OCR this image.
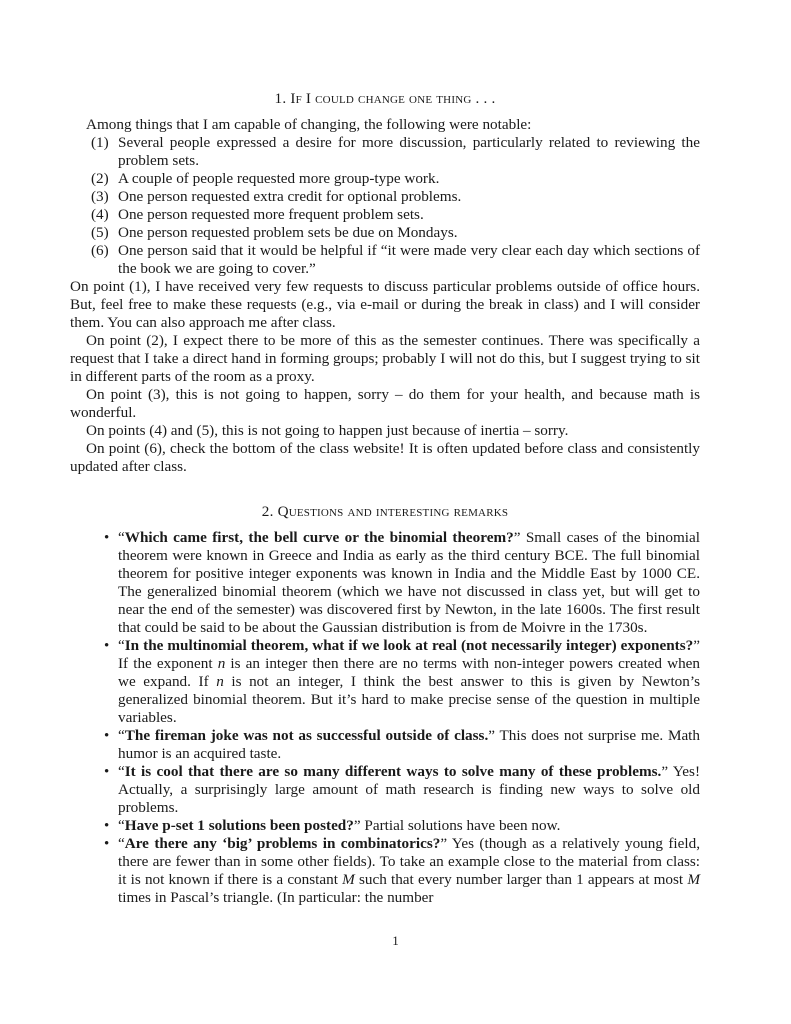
1. If I could change one thing . . .

Among things that I am capable of changing, the following were notable:

(1) Several people expressed a desire for more discussion, particularly related to reviewing the problem sets.
(2) A couple of people requested more group-type work.
(3) One person requested extra credit for optional problems.
(4) One person requested more frequent problem sets.
(5) One person requested problem sets be due on Mondays.
(6) One person said that it would be helpful if “it were made very clear each day which sections of the book we are going to cover.”

On point (1), I have received very few requests to discuss particular problems outside of office hours. But, feel free to make these requests (e.g., via e-mail or during the break in class) and I will consider them. You can also approach me after class.

On point (2), I expect there to be more of this as the semester continues. There was specifically a request that I take a direct hand in forming groups; probably I will not do this, but I suggest trying to sit in different parts of the room as a proxy.

On point (3), this is not going to happen, sorry – do them for your health, and because math is wonderful.

On points (4) and (5), this is not going to happen just because of inertia – sorry.

On point (6), check the bottom of the class website! It is often updated before class and consistently updated after class.

2. Questions and interesting remarks
• “Which came first, the bell curve or the binomial theorem?” Small cases of the binomial theorem were known in Greece and India as early as the third century BCE. The full binomial theorem for positive integer exponents was known in India and the Middle East by 1000 CE. The generalized binomial theorem (which we have not discussed in class yet, but will get to near the end of the semester) was discovered first by Newton, in the late 1600s. The first result that could be said to be about the Gaussian distribution is from de Moivre in the 1730s.
• “In the multinomial theorem, what if we look at real (not necessarily integer) exponents?” If the exponent n is an integer then there are no terms with non-integer powers created when we expand. If n is not an integer, I think the best answer to this is given by Newton’s generalized binomial theorem. But it’s hard to make precise sense of the question in multiple variables.
• “The fireman joke was not as successful outside of class.” This does not surprise me. Math humor is an acquired taste.
• “It is cool that there are so many different ways to solve many of these problems.” Yes! Actually, a surprisingly large amount of math research is finding new ways to solve old problems.
• “Have p-set 1 solutions been posted?” Partial solutions have been now.
• “Are there any ‘big’ problems in combinatorics?” Yes (though as a relatively young field, there are fewer than in some other fields). To take an example close to the material from class: it is not known if there is a constant M such that every number larger than 1 appears at most M times in Pascal’s triangle. (In particular: the number
1
